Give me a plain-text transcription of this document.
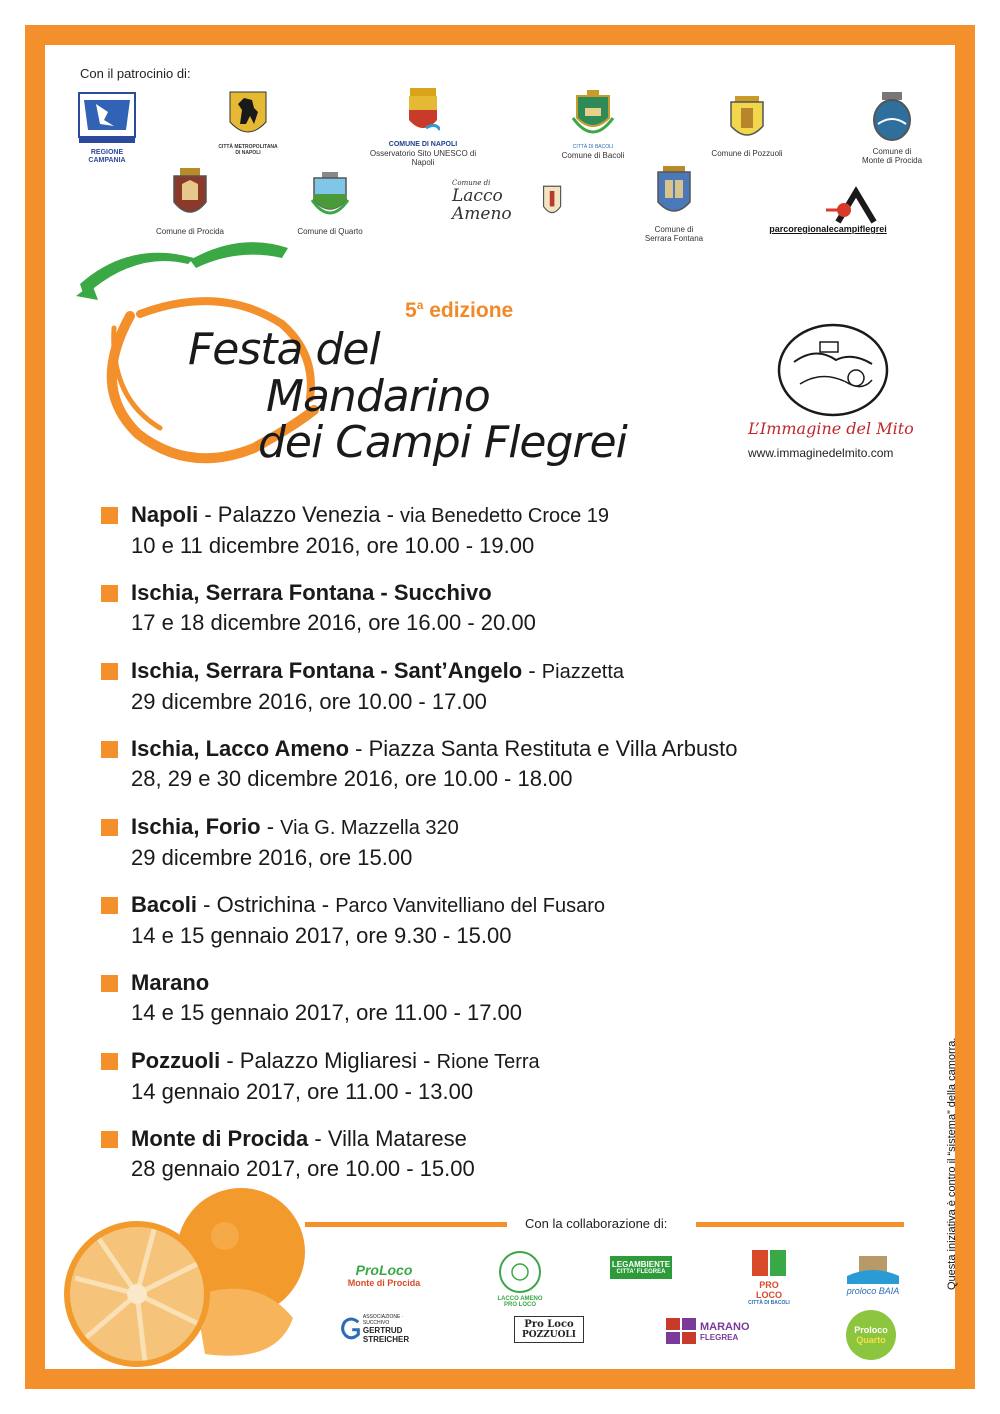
Con il patrocinio di:
REGIONE CAMPANIA
CITTÀ METROPOLITANA DI NAPOLI
COMUNE DI NAPOLI
Osservatorio Sito UNESCO di Napoli
CITTÀ DI BACOLI
Comune di Bacoli	Comune di Pozzuoli	Comune di
Monte di Procida
Comune di Procida	Comune di Quarto
Comune di
Lacco Ameno
Comune di
Serrara Fontana
parcoregionalecampiflegrei
5$^a$ edizione
Festa del
Mandarino
dei Campi Flegrei	L’Immagine del Mito
www.immaginedelmito.com
Napoli - Palazzo Venezia - via Benedetto Croce 19
10 e 11 dicembre 2016, ore 10.00 - 19.00
Ischia, Serrara Fontana - Succhivo
17 e 18 dicembre 2016, ore 16.00 - 20.00
Ischia, Serrara Fontana - Sant’Angelo - Piazzetta
29 dicembre 2016, ore 10.00 - 17.00
Ischia, Lacco Ameno - Piazza Santa Restituta e Villa Arbusto
28, 29 e 30 dicembre 2016, ore 10.00 - 18.00
Ischia, Forio - Via G. Mazzella 320
29 dicembre 2016, ore 15.00
Bacoli - Ostrichina - Parco Vanvitelliano del Fusaro
14 e 15 gennaio 2017, ore 9.30 - 15.00
Marano
14 e 15 gennaio 2017, ore 11.00 - 17.00
Pozzuoli - Palazzo Migliaresi - Rione Terra
14 gennaio 2017, ore 11.00 - 13.00
Monte di Procida - Villa Matarese
28 gennaio 2017, ore 10.00 - 15.00
Con la collaborazione di:
ProLoco
Monte di Procida
LACCO AMENO
PRO LOCO
LEGAMBIENTE
CITTA' FLEGREA
PRO LOCO
CITTÀ DI BACOLI
proloco BAIA
ASSOCIAZIONE · SUCCHIVO
GERTRUD STREICHER
Pro Loco
POZZUOLI
MARANO
FLEGREA
Proloco
Quarto
Questa iniziativa è contro il “sistema” della camorra.
